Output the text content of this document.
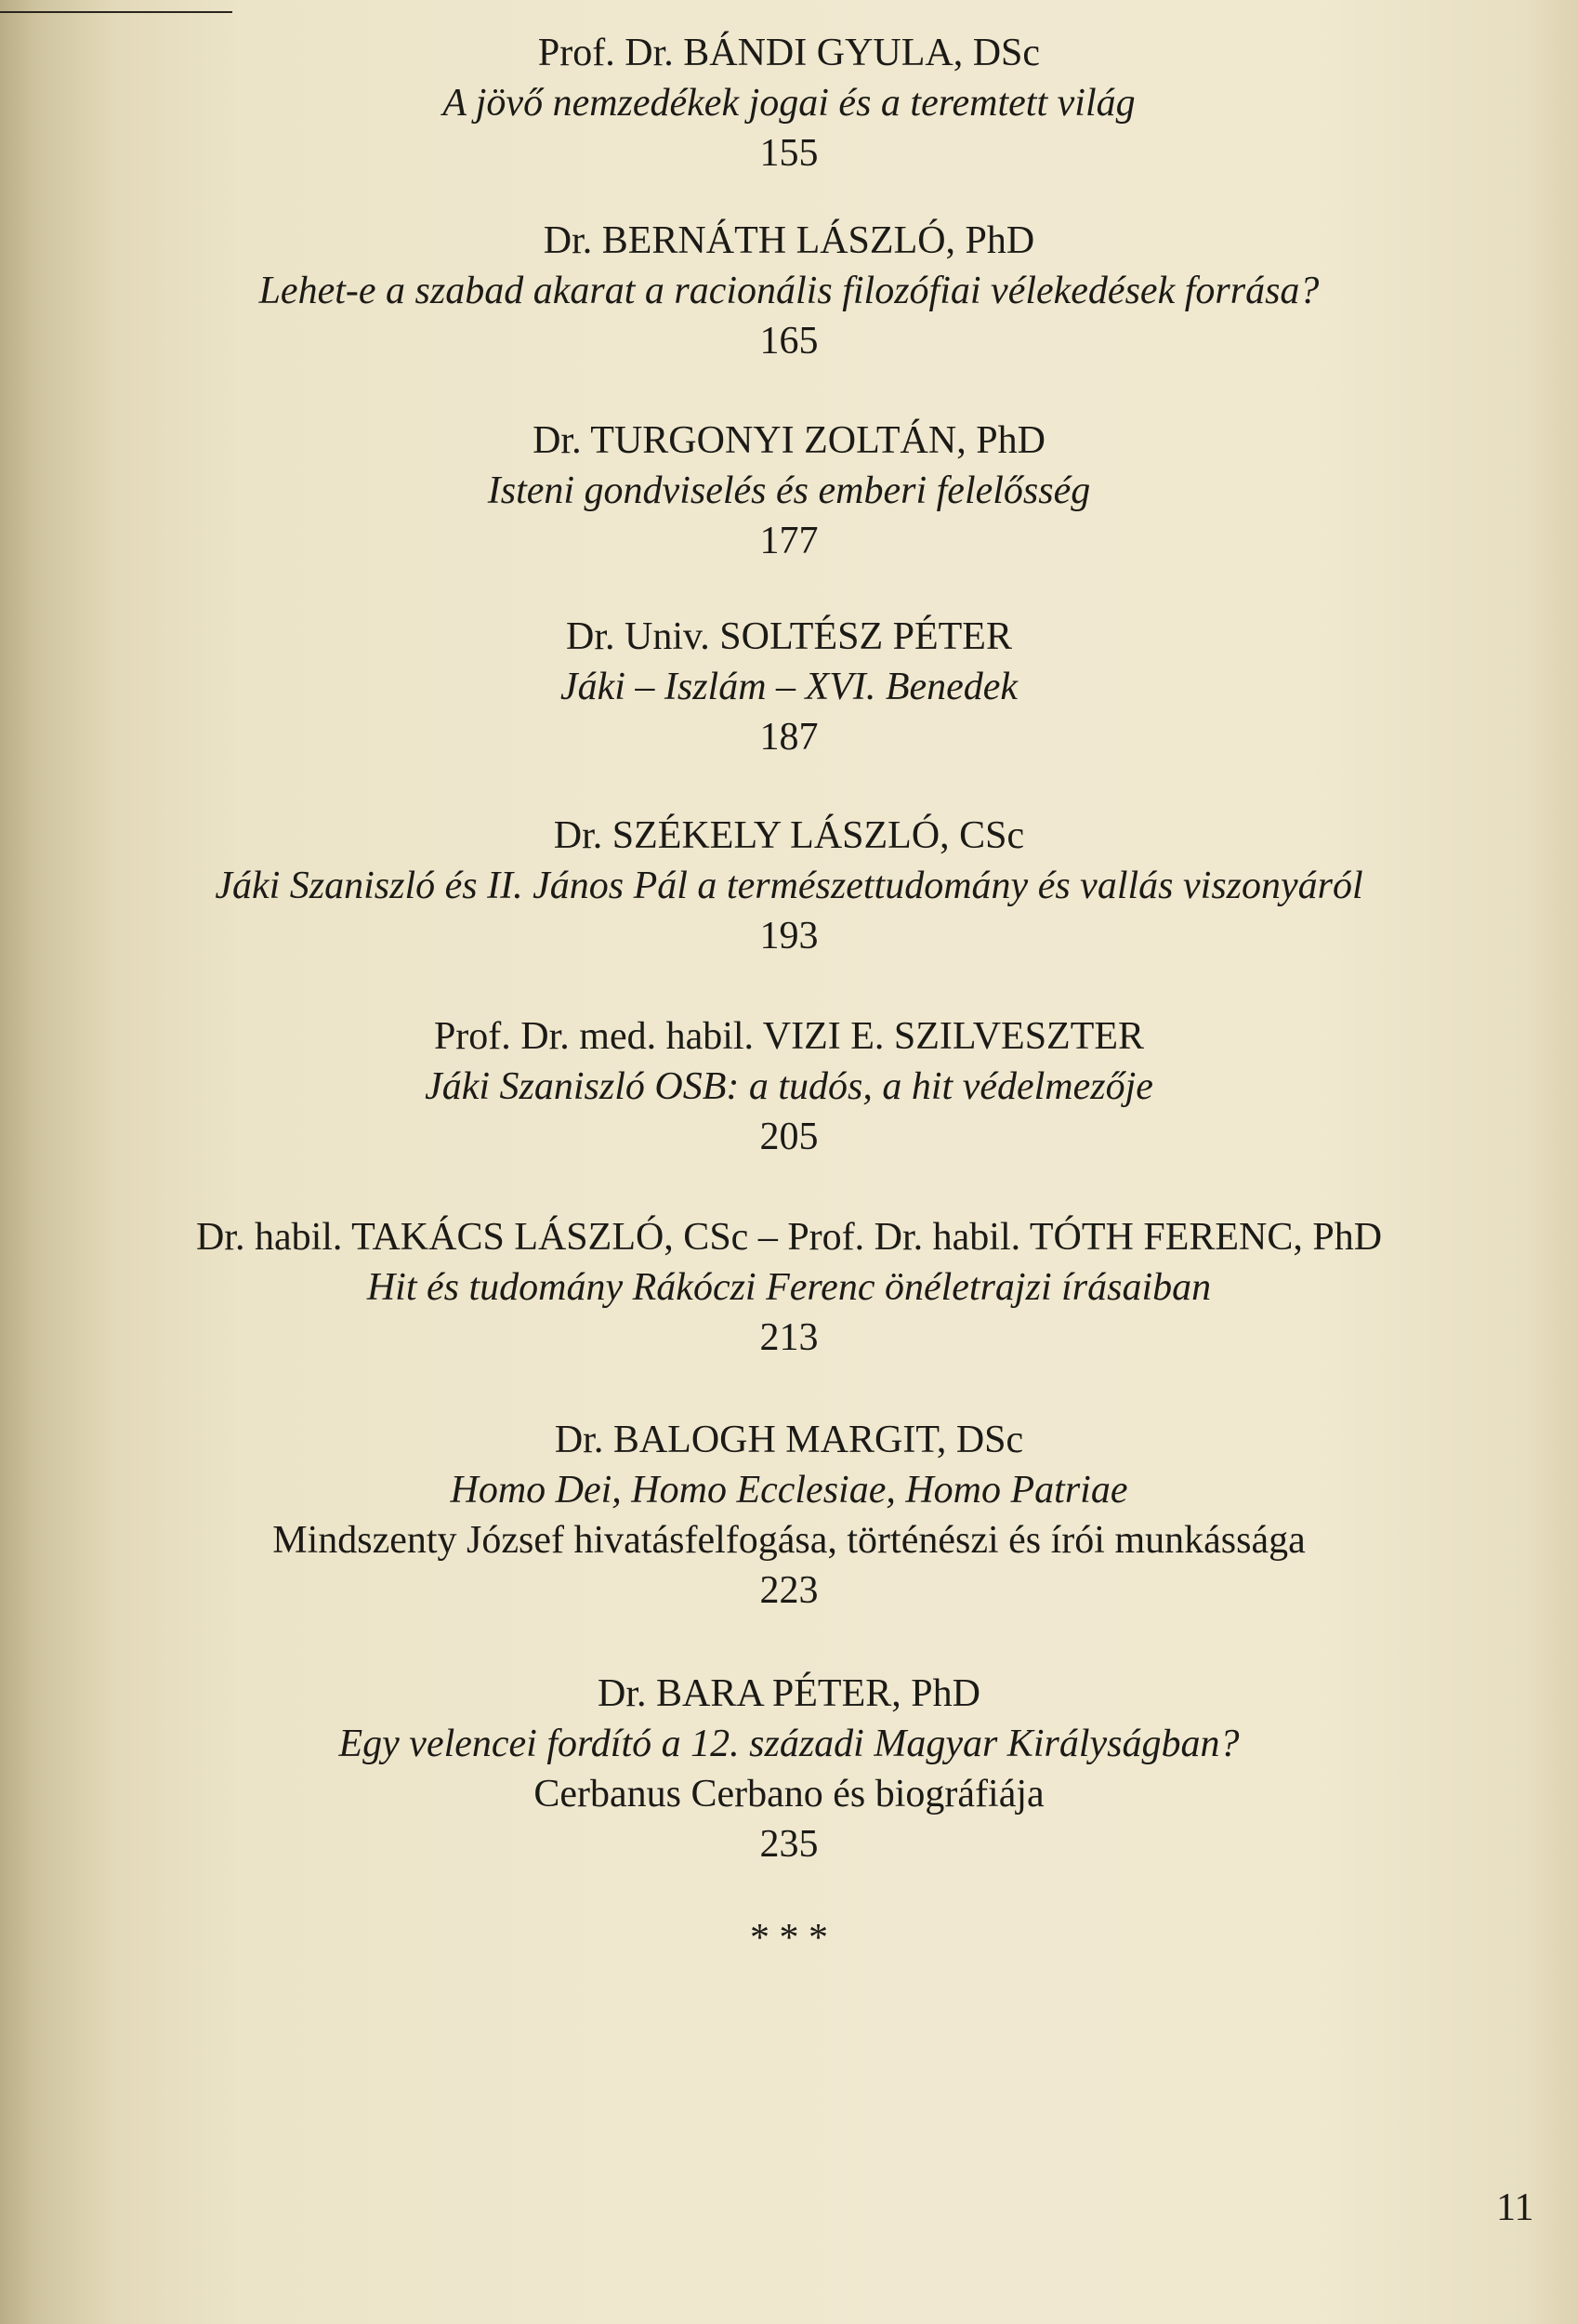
Prof. Dr. BÁNDI GYULA, DSc
A jövő nemzedékek jogai és a teremtett világ
155
Dr. BERNÁTH LÁSZLÓ, PhD
Lehet-e a szabad akarat a racionális filozófiai vélekedések forrása?
165
Dr. TURGONYI ZOLTÁN, PhD
Isteni gondviselés és emberi felelősség
177
Dr. Univ. SOLTÉSZ PÉTER
Jáki – Iszlám – XVI. Benedek
187
Dr. SZÉKELY LÁSZLÓ, CSc
Jáki Szaniszló és II. János Pál a természettudomány és vallás viszonyáról
193
Prof. Dr. med. habil. VIZI E. SZILVESZTER
Jáki Szaniszló OSB: a tudós, a hit védelmezője
205
Dr. habil. TAKÁCS LÁSZLÓ, CSc – Prof. Dr. habil. TÓTH FERENC, PhD
Hit és tudomány Rákóczi Ferenc önéletrajzi írásaiban
213
Dr. BALOGH MARGIT, DSc
Homo Dei, Homo Ecclesiae, Homo Patriae
Mindszenty József hivatásfelfogása, történészi és írói munkássága
223
Dr. BARA PÉTER, PhD
Egy velencei fordító a 12. századi Magyar Királyságban?
Cerbanus Cerbano és biográfiája
235
* * *
11
